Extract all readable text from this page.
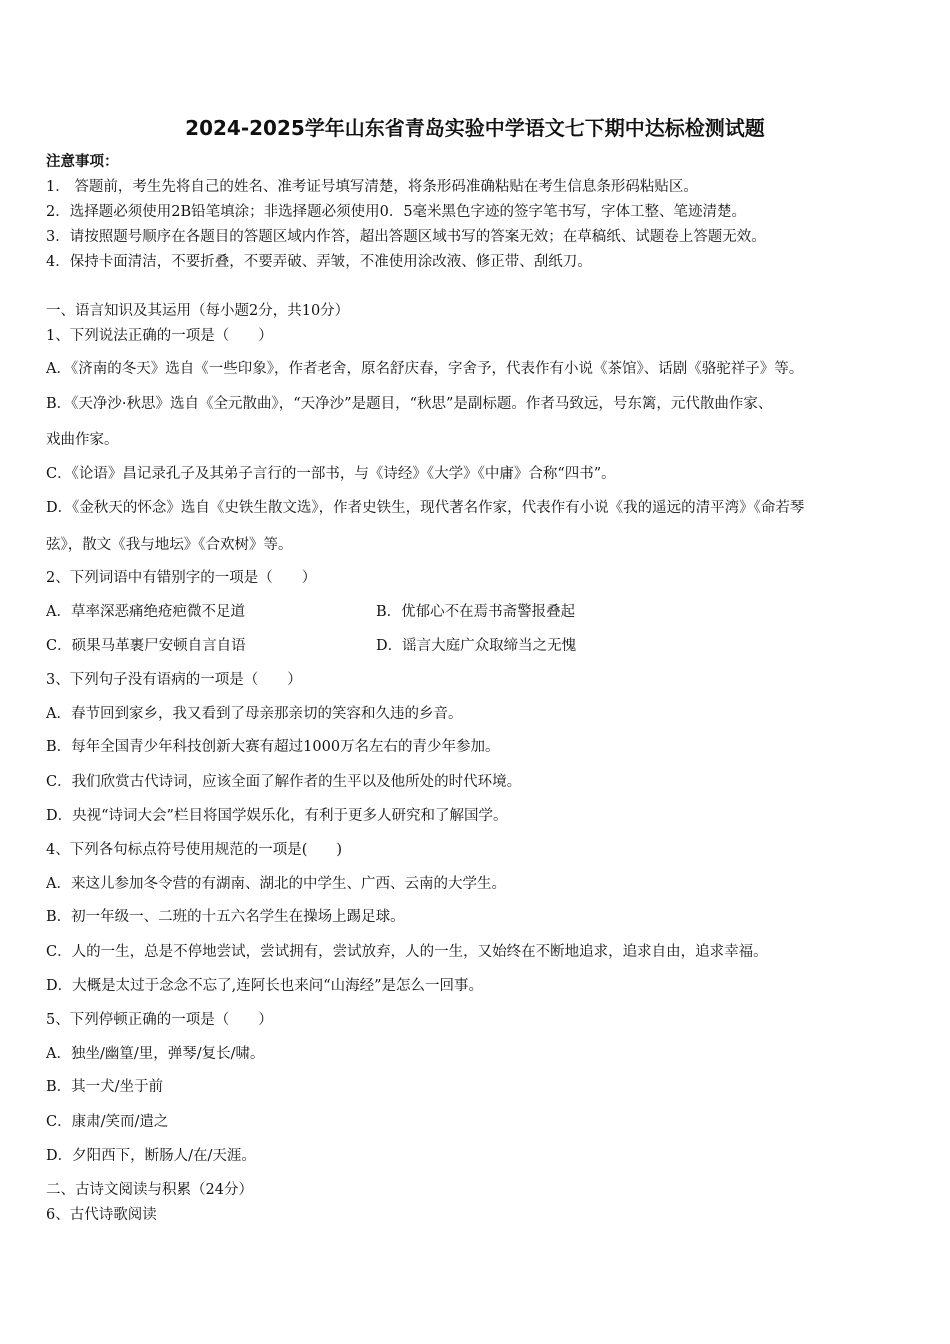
2024-2025学年山东省青岛实验中学语文七下期中达标检测试题
注意事项：
1． 答题前，考生先将自己的姓名、准考证号填写清楚，将条形码准确粘贴在考生信息条形码粘贴区。
2．选择题必须使用2B铅笔填涂；非选择题必须使用0．5毫米黑色字迹的签字笔书写，字体工整、笔迹清楚。
3．请按照题号顺序在各题目的答题区域内作答，超出答题区域书写的答案无效；在草稿纸、试题卷上答题无效。
4．保持卡面清洁，不要折叠，不要弄破、弄皱，不准使用涂改液、修正带、刮纸刀。
一、语言知识及其运用（每小题2分，共10分）
1、下列说法正确的一项是（　　）
A．《济南的冬天》选自《一些印象》，作者老舍，原名舒庆春，字舍予，代表作有小说《茶馆》、话剧《骆驼祥子》等。
B．《天净沙·秋思》选自《全元散曲》，“天净沙”是题目，“秋思”是副标题。作者马致远，号东篱，元代散曲作家、
戏曲作家。
C．《论语》昌记录孔子及其弟子言行的一部书，与《诗经》《大学》《中庸》合称“四书”。
D．《金秋天的怀念》选自《史铁生散文选》，作者史铁生，现代著名作家，代表作有小说《我的遥远的清平湾》《命若琴
弦》，散文《我与地坛》《合欢树》等。
2、下列词语中有错别字的一项是（　　）
A．草率深恶痛绝疮疤微不足道	B．优郁心不在焉书斋警报叠起
C．硕果马革裹尸安顿自言自语	D．谣言大庭广众取缔当之无愧
3、下列句子没有语病的一项是（　　）
A．春节回到家乡，我又看到了母亲那亲切的笑容和久违的乡音。
B．每年全国青少年科技创新大赛有超过1000万名左右的青少年参加。
C．我们欣赏古代诗词，应该全面了解作者的生平以及他所处的时代环境。
D．央视“诗词大会”栏目将国学娱乐化，有利于更多人研究和了解国学。
4、下列各句标点符号使用规范的一项是(　　)
A．来这儿参加冬令营的有湖南、湖北的中学生、广西、云南的大学生。
B．初一年级一、二班的十五六名学生在操场上踢足球。
C．人的一生，总是不停地尝试，尝试拥有，尝试放弃，人的一生，又始终在不断地追求，追求自由，追求幸福。
D．大概是太过于念念不忘了,连阿长也来问“山海经”是怎么一回事。
5、下列停顿正确的一项是（　　）
A．独坐/幽篁/里，弹琴/复长/啸。
B．其一犬/坐于前
C．康肃/笑而/遣之
D．夕阳西下，断肠人/在/天涯。
二、古诗文阅读与积累（24分）
6、古代诗歌阅读
